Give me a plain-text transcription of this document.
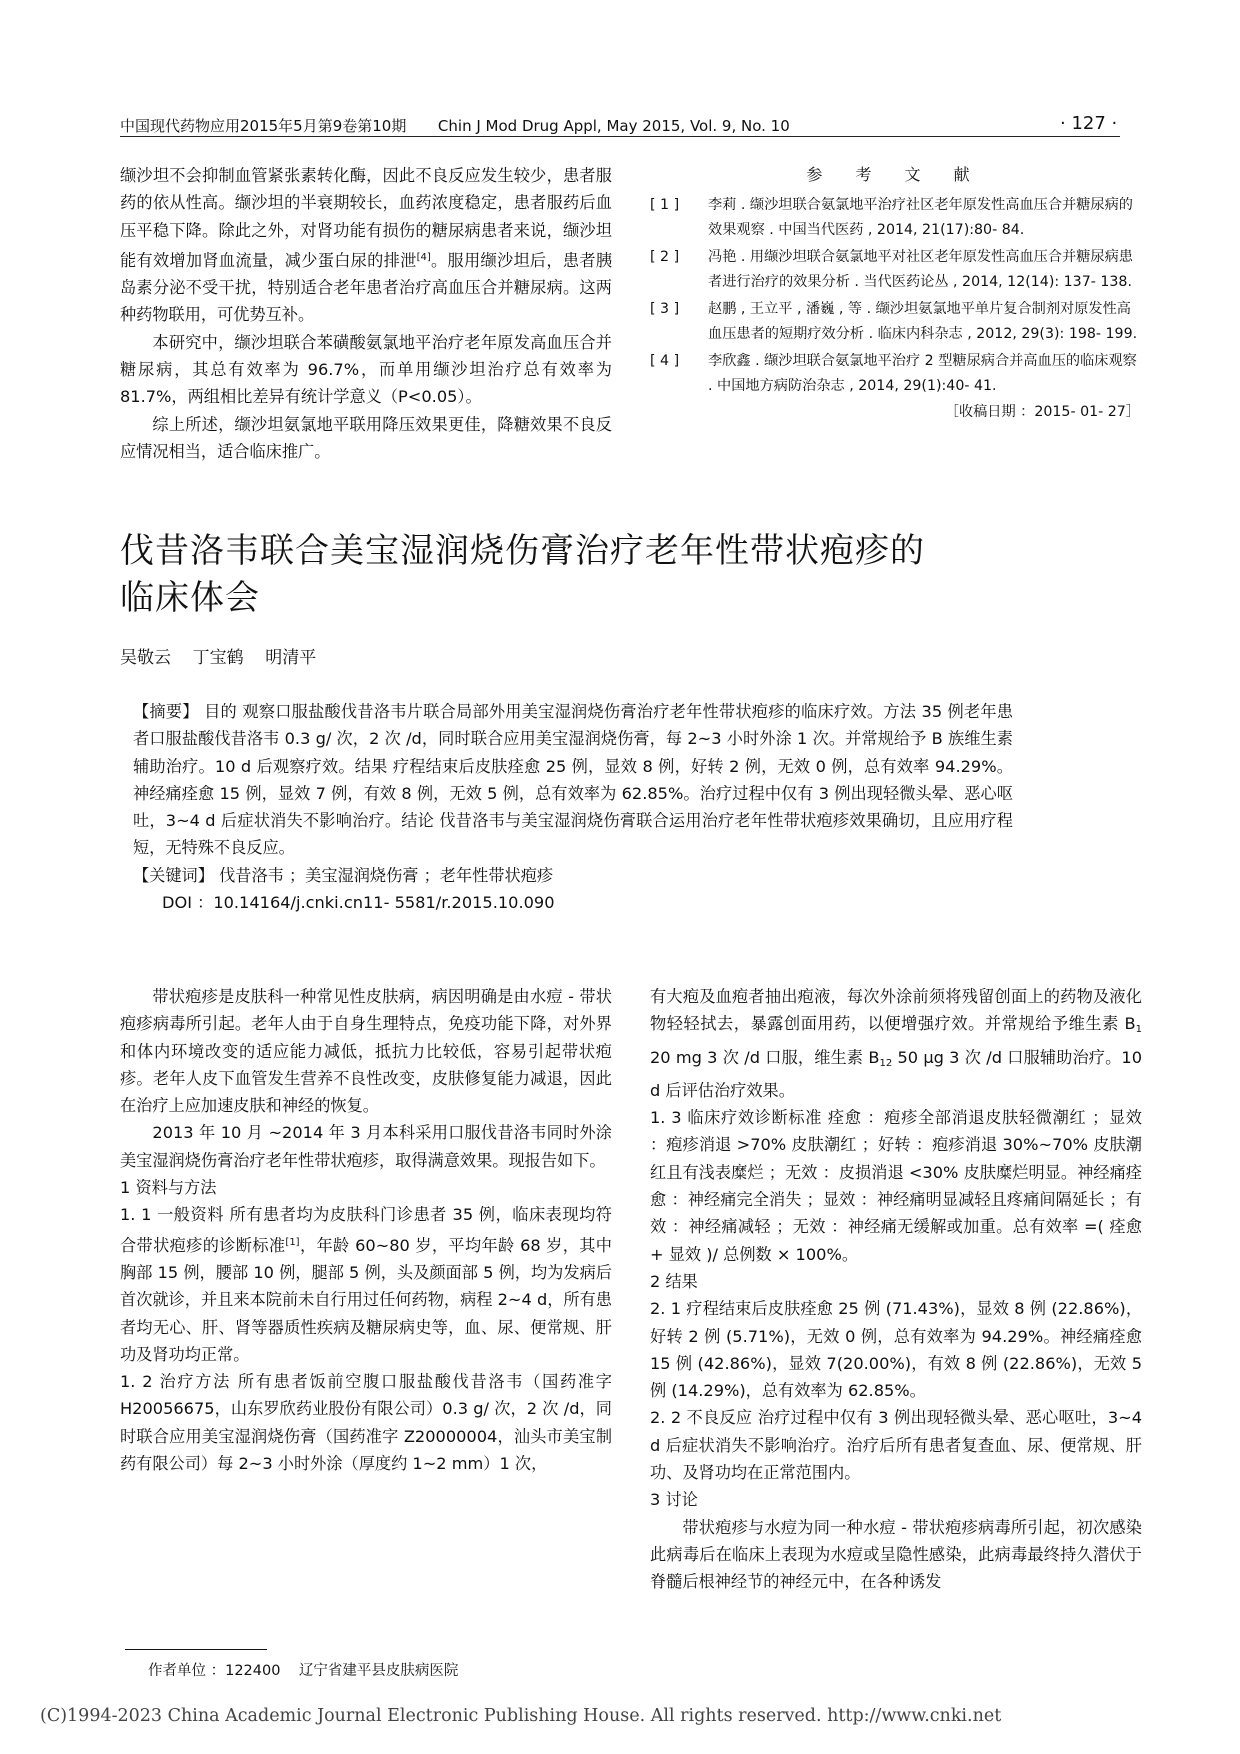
中国现代药物应用2015年5月第9卷第10期 Chin J Mod Drug Appl, May 2015, Vol. 9, No. 10	· 127 ·

缬沙坦不会抑制血管紧张素转化酶，因此不良反应发生较少，患者服药的依从性高。缬沙坦的半衰期较长，血药浓度稳定，患者服药后血压平稳下降。除此之外，对肾功能有损伤的糖尿病患者来说，缬沙坦能有效增加肾血流量，减少蛋白尿的排泄[4]。服用缬沙坦后，患者胰岛素分泌不受干扰，特别适合老年患者治疗高血压合并糖尿病。这两种药物联用，可优势互补。

本研究中，缬沙坦联合苯磺酸氨氯地平治疗老年原发高血压合并糖尿病，其总有效率为 96.7%，而单用缬沙坦治疗总有效率为 81.7%，两组相比差异有统计学意义（P<0.05）。

综上所述，缬沙坦氨氯地平联用降压效果更佳，降糖效果不良反应情况相当，适合临床推广。

参 考 文 献
[ 1 ] 李莉 . 缬沙坦联合氨氯地平治疗社区老年原发性高血压合并糖尿病的效果观察 . 中国当代医药 , 2014, 21(17):80- 84.
[ 2 ] 冯艳 . 用缬沙坦联合氨氯地平对社区老年原发性高血压合并糖尿病患者进行治疗的效果分析 . 当代医药论丛 , 2014, 12(14): 137- 138.
[ 3 ] 赵鹏 , 王立平 , 潘巍 , 等 . 缬沙坦氨氯地平单片复合制剂对原发性高血压患者的短期疗效分析 . 临床内科杂志 , 2012, 29(3): 198- 199.
[ 4 ] 李欣鑫 . 缬沙坦联合氨氯地平治疗 2 型糖尿病合并高血压的临床观察 . 中国地方病防治杂志 , 2014, 29(1):40- 41.
［收稿日期 ：2015- 01- 27］
伐昔洛韦联合美宝湿润烧伤膏治疗老年性带状疱疹的
临床体会
吴敬云    丁宝鹤    明清平

【摘要】 目的 观察口服盐酸伐昔洛韦片联合局部外用美宝湿润烧伤膏治疗老年性带状疱疹的临床疗效。方法 35 例老年患者口服盐酸伐昔洛韦 0.3 g/ 次，2 次 /d，同时联合应用美宝湿润烧伤膏，每 2~3 小时外涂 1 次。并常规给予 B 族维生素辅助治疗。10 d 后观察疗效。结果 疗程结束后皮肤痊愈 25 例，显效 8 例，好转 2 例，无效 0 例，总有效率 94.29%。神经痛痊愈 15 例，显效 7 例，有效 8 例，无效 5 例，总有效率为 62.85%。治疗过程中仅有 3 例出现轻微头晕、恶心呕吐，3~4 d 后症状消失不影响治疗。结论 伐昔洛韦与美宝湿润烧伤膏联合运用治疗老年性带状疱疹效果确切，且应用疗程短，无特殊不良反应。

【关键词】 伐昔洛韦 ；美宝湿润烧伤膏 ；老年性带状疱疹

DOI ：10.14164/j.cnki.cn11- 5581/r.2015.10.090

带状疱疹是皮肤科一种常见性皮肤病，病因明确是由水痘 - 带状疱疹病毒所引起。老年人由于自身生理特点，免疫功能下降，对外界和体内环境改变的适应能力减低，抵抗力比较低，容易引起带状疱疹。老年人皮下血管发生营养不良性改变，皮肤修复能力减退，因此在治疗上应加速皮肤和神经的恢复。

2013 年 10 月 ~2014 年 3 月本科采用口服伐昔洛韦同时外涂美宝湿润烧伤膏治疗老年性带状疱疹，取得满意效果。现报告如下。

1 资料与方法

1. 1 一般资料 所有患者均为皮肤科门诊患者 35 例，临床表现均符合带状疱疹的诊断标准[1]，年龄 60~80 岁，平均年龄 68 岁，其中胸部 15 例，腰部 10 例，腿部 5 例，头及颜面部 5 例，均为发病后首次就诊，并且来本院前未自行用过任何药物，病程 2~4 d，所有患者均无心、肝、肾等器质性疾病及糖尿病史等，血、尿、便常规、肝功及肾功均正常。

1. 2 治疗方法 所有患者饭前空腹口服盐酸伐昔洛韦（国药准字 H20056675，山东罗欣药业股份有限公司）0.3 g/ 次，2 次 /d，同时联合应用美宝湿润烧伤膏（国药准字 Z20000004，汕头市美宝制药有限公司）每 2~3 小时外涂（厚度约 1~2 mm）1 次，

有大疱及血疱者抽出疱液，每次外涂前须将残留创面上的药物及液化物轻轻拭去，暴露创面用药，以便增强疗效。并常规给予维生素 $B_1$ 20 mg 3 次 /d 口服，维生素 $B_{12}$ 50 μg 3 次 /d 口服辅助治疗。10 d 后评估治疗效果。

1. 3 临床疗效诊断标准 痊愈 ：疱疹全部消退皮肤轻微潮红 ；显效 ：疱疹消退 >70% 皮肤潮红 ；好转 ：疱疹消退 30%~70% 皮肤潮红且有浅表糜烂 ；无效 ：皮损消退 <30% 皮肤糜烂明显。神经痛痊愈 ：神经痛完全消失 ；显效 ：神经痛明显减轻且疼痛间隔延长 ；有效 ：神经痛减轻 ；无效 ：神经痛无缓解或加重。总有效率 =( 痊愈 + 显效 )/ 总例数 × 100%。

2 结果

2. 1 疗程结束后皮肤痊愈 25 例 (71.43%)，显效 8 例 (22.86%)，好转 2 例 (5.71%)，无效 0 例，总有效率为 94.29%。神经痛痊愈 15 例 (42.86%)，显效 7(20.00%)，有效 8 例 (22.86%)，无效 5 例 (14.29%)，总有效率为 62.85%。

2. 2 不良反应 治疗过程中仅有 3 例出现轻微头晕、恶心呕吐，3~4 d 后症状消失不影响治疗。治疗后所有患者复查血、尿、便常规、肝功、及肾功均在正常范围内。

3 讨论

带状疱疹与水痘为同一种水痘 - 带状疱疹病毒所引起，初次感染此病毒后在临床上表现为水痘或呈隐性感染，此病毒最终持久潜伏于脊髓后根神经节的神经元中，在各种诱发

作者单位 ：122400    辽宁省建平县皮肤病医院
(C)1994-2023 China Academic Journal Electronic Publishing House. All rights reserved. http://www.cnki.net
